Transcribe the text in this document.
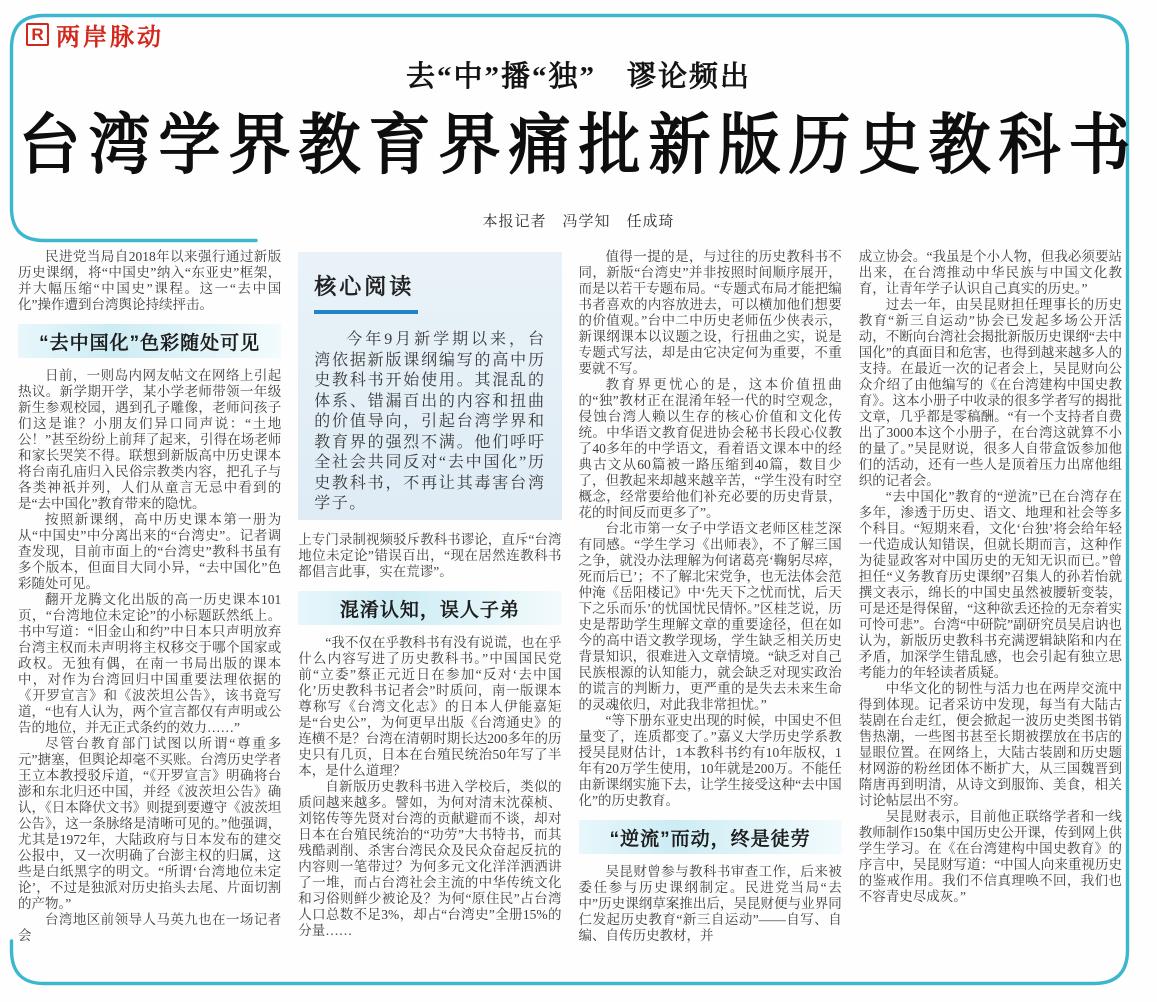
R 两岸脉动
去“中”播“独”　谬论频出
台湾学界教育界痛批新版历史教科书
本报记者　冯学知　任成琦

民进党当局自2018年以来强行通过新版历史课纲，将“中国史”纳入“东亚史”框架，并大幅压缩“中国史”课程。这一“去中国化”操作遭到台湾舆论持续抨击。

“去中国化”色彩随处可见

日前，一则岛内网友帖文在网络上引起热议。新学期开学，某小学老师带领一年级新生参观校园，遇到孔子雕像，老师问孩子们这是谁？小朋友们异口同声说：“土地公！”甚至纷纷上前拜了起来，引得在场老师和家长哭笑不得。联想到新版高中历史课本将台南孔庙归入民俗宗教类内容，把孔子与各类神祇并列，人们从童言无忌中看到的是“去中国化”教育带来的隐忧。

按照新课纲，高中历史课本第一册为从“中国史”中分离出来的“台湾史”。记者调查发现，目前市面上的“台湾史”教科书虽有多个版本，但面目大同小异，“去中国化”色彩随处可见。

翻开龙腾文化出版的高一历史课本101页，“台湾地位未定论”的小标题跃然纸上。书中写道：“旧金山和约”中日本只声明放弃台湾主权而未声明将主权移交于哪个国家或政权。无独有偶，在南一书局出版的课本中，对作为台湾回归中国重要法理依据的《开罗宣言》和《波茨坦公告》，该书竟写道，“也有人认为，两个宣言都仅有声明或公告的地位，并无正式条约的效力……”

尽管台教育部门试图以所谓“尊重多元”搪塞，但舆论却毫不买账。台湾历史学者王立本教授驳斥道，“《开罗宣言》明确将台澎和东北归还中国，并经《波茨坦公告》确认，《日本降伏文书》则提到要遵守《波茨坦公告》，这一条脉络是清晰可见的。”他强调，尤其是1972年，大陆政府与日本发布的建交公报中，又一次明确了台澎主权的归属，这些是白纸黑字的明文。“所谓‘台湾地位未定论’，不过是独派对历史掐头去尾、片面切割的产物。”

台湾地区前领导人马英九也在一场记者会

核心阅读
今年9月新学期以来，台湾依据新版课纲编写的高中历史教科书开始使用。其混乱的体系、错漏百出的内容和扭曲的价值导向，引起台湾学界和教育界的强烈不满。他们呼吁全社会共同反对“去中国化”历史教科书，不再让其毒害台湾学子。

上专门录制视频驳斥教科书谬论，直斥“台湾地位未定论”错误百出，“现在居然连教科书都倡言此事，实在荒谬”。

混淆认知，误人子弟

“我不仅在乎教科书有没有说谎，也在乎什么内容写进了历史教科书。”中国国民党前“立委”蔡正元近日在参加“反对‘去中国化’历史教科书记者会”时质问，南一版课本尊称写《台湾文化志》的日本人伊能嘉矩是“台史公”，为何更早出版《台湾通史》的连横不是？台湾在清朝时期长达200多年的历史只有几页，日本在台殖民统治50年写了半本，是什么道理？

自新版历史教科书进入学校后，类似的质问越来越多。譬如，为何对清末沈葆桢、刘铭传等先贤对台湾的贡献避而不谈，却对日本在台殖民统治的“功劳”大书特书，而其残酷剥削、杀害台湾民众及民众奋起反抗的内容则一笔带过？为何多元文化洋洋洒洒讲了一堆，而占台湾社会主流的中华传统文化和习俗则鲜少被论及？为何“原住民”占台湾人口总数不足3%，却占“台湾史”全册15%的分量……

值得一提的是，与过往的历史教科书不同，新版“台湾史”并非按照时间顺序展开，而是以若干专题布局。“专题式布局才能把编书者喜欢的内容放进去，可以横加他们想要的价值观。”台中二中历史老师伍少侠表示，新课纲课本以议题之设，行扭曲之实，说是专题式写法，却是由它决定何为重要，不重要就不写。

教育界更忧心的是，这本价值扭曲的“独”教材正在混淆年轻一代的时空观念，侵蚀台湾人赖以生存的核心价值和文化传统。中华语文教育促进协会秘书长段心仪教了40多年的中学语文，看着语文课本中的经典古文从60篇被一路压缩到40篇，数目少了，但教起来却越来越辛苦，“学生没有时空概念，经常要给他们补充必要的历史背景，花的时间反而更多了”。

台北市第一女子中学语文老师区桂芝深有同感。“学生学习《出师表》，不了解三国之争，就没办法理解为何诸葛亮‘鞠躬尽瘁，死而后已’；不了解北宋党争，也无法体会范仲淹《岳阳楼记》中‘先天下之忧而忧，后天下之乐而乐’的忧国忧民情怀。”区桂芝说，历史是帮助学生理解文章的重要途径，但在如今的高中语文教学现场，学生缺乏相关历史背景知识，很难进入文章情境。“缺乏对自己民族根源的认知能力，就会缺乏对现实政治的谎言的判断力，更严重的是失去未来生命的灵魂依归，对此我非常担忧。”

“等下册东亚史出现的时候，中国史不但量变了，连质都变了。”嘉义大学历史学系教授吴昆财估计，1本教科书约有10年版权，1年有20万学生使用，10年就是200万。不能任由新课纲实施下去，让学生接受这种“去中国化”的历史教育。

“逆流”而动，终是徒劳

吴昆财曾参与教科书审查工作，后来被委任参与历史课纲制定。民进党当局“去中”历史课纲草案推出后，吴昆财便与业界同仁发起历史教育“新三自运动”——自写、自编、自传历史教材，并

成立协会。“我虽是个小人物，但我必须要站出来，在台湾推动中华民族与中国文化教育，让青年学子认识自己真实的历史。”

过去一年，由吴昆财担任理事长的历史教育“新三自运动”协会已发起多场公开活动，不断向台湾社会揭批新版历史课纲“去中国化”的真面目和危害，也得到越来越多人的支持。在最近一次的记者会上，吴昆财向公众介绍了由他编写的《在台湾建构中国史教育》。这本小册子中收录的很多学者写的揭批文章，几乎都是零稿酬。“有一个支持者自费出了3000本这个小册子，在台湾这就算不小的量了。”吴昆财说，很多人自带盒饭参加他们的活动，还有一些人是顶着压力出席他组织的记者会。

“去中国化”教育的“逆流”已在台湾存在多年，渗透于历史、语文、地理和社会等多个科目。“短期来看，文化‘台独’将会给年轻一代造成认知错误，但就长期而言，这种作为徒显政客对中国历史的无知无识而已。”曾担任“义务教育历史课纲”召集人的孙若怡就撰文表示，绵长的中国史虽然被腰斩变装，可是还是得保留，“这种欲丢还捡的无奈着实可怜可悲”。台湾“中研院”副研究员吴启讷也认为，新版历史教科书充满逻辑缺陷和内在矛盾，加深学生错乱感，也会引起有独立思考能力的年轻读者质疑。

中华文化的韧性与活力也在两岸交流中得到体现。记者采访中发现，每当有大陆古装剧在台走红，便会掀起一波历史类图书销售热潮，一些图书甚至长期被摆放在书店的显眼位置。在网络上，大陆古装剧和历史题材网游的粉丝团体不断扩大，从三国魏晋到隋唐再到明清，从诗文到服饰、美食，相关讨论帖层出不穷。

吴昆财表示，目前他正联络学者和一线教师制作150集中国历史公开课，传到网上供学生学习。在《在台湾建构中国史教育》的序言中，吴昆财写道：“中国人向来重视历史的鉴戒作用。我们不信真理唤不回，我们也不容青史尽成灰。”
